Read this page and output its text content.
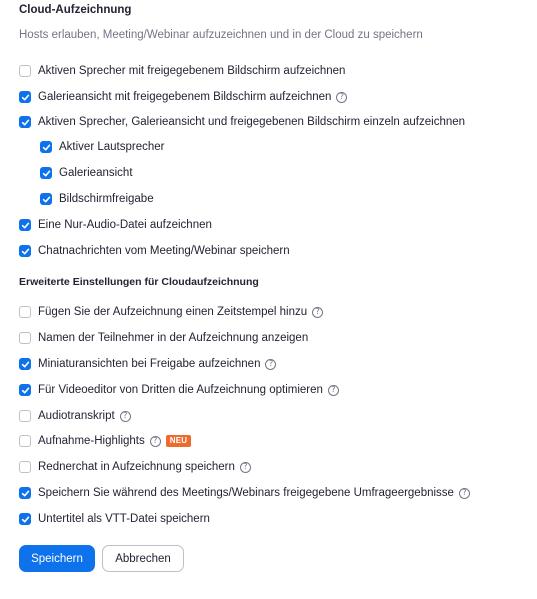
Cloud-Aufzeichnung
Hosts erlauben, Meeting/Webinar aufzuzeichnen und in der Cloud zu speichern
Aktiven Sprecher mit freigegebenem Bildschirm aufzeichnen
Galerieansicht mit freigegebenem Bildschirm aufzeichnen	?
Aktiven Sprecher, Galerieansicht und freigegebenen Bildschirm einzeln aufzeichnen
Aktiver Lautsprecher
Galerieansicht
Bildschirmfreigabe
Eine Nur-Audio-Datei aufzeichnen
Chatnachrichten vom Meeting/Webinar speichern
Erweiterte Einstellungen für Cloudaufzeichnung
Fügen Sie der Aufzeichnung einen Zeitstempel hinzu	?
Namen der Teilnehmer in der Aufzeichnung anzeigen
Miniaturansichten bei Freigabe aufzeichnen	?
Für Videoeditor von Dritten die Aufzeichnung optimieren	?
Audiotranskript	?
Aufnahme-Highlights	?	NEU
Rednerchat in Aufzeichnung speichern	?
Speichern Sie während des Meetings/Webinars freigegebene Umfrageergebnisse	?
Untertitel als VTT-Datei speichern
Speichern	Abbrechen
